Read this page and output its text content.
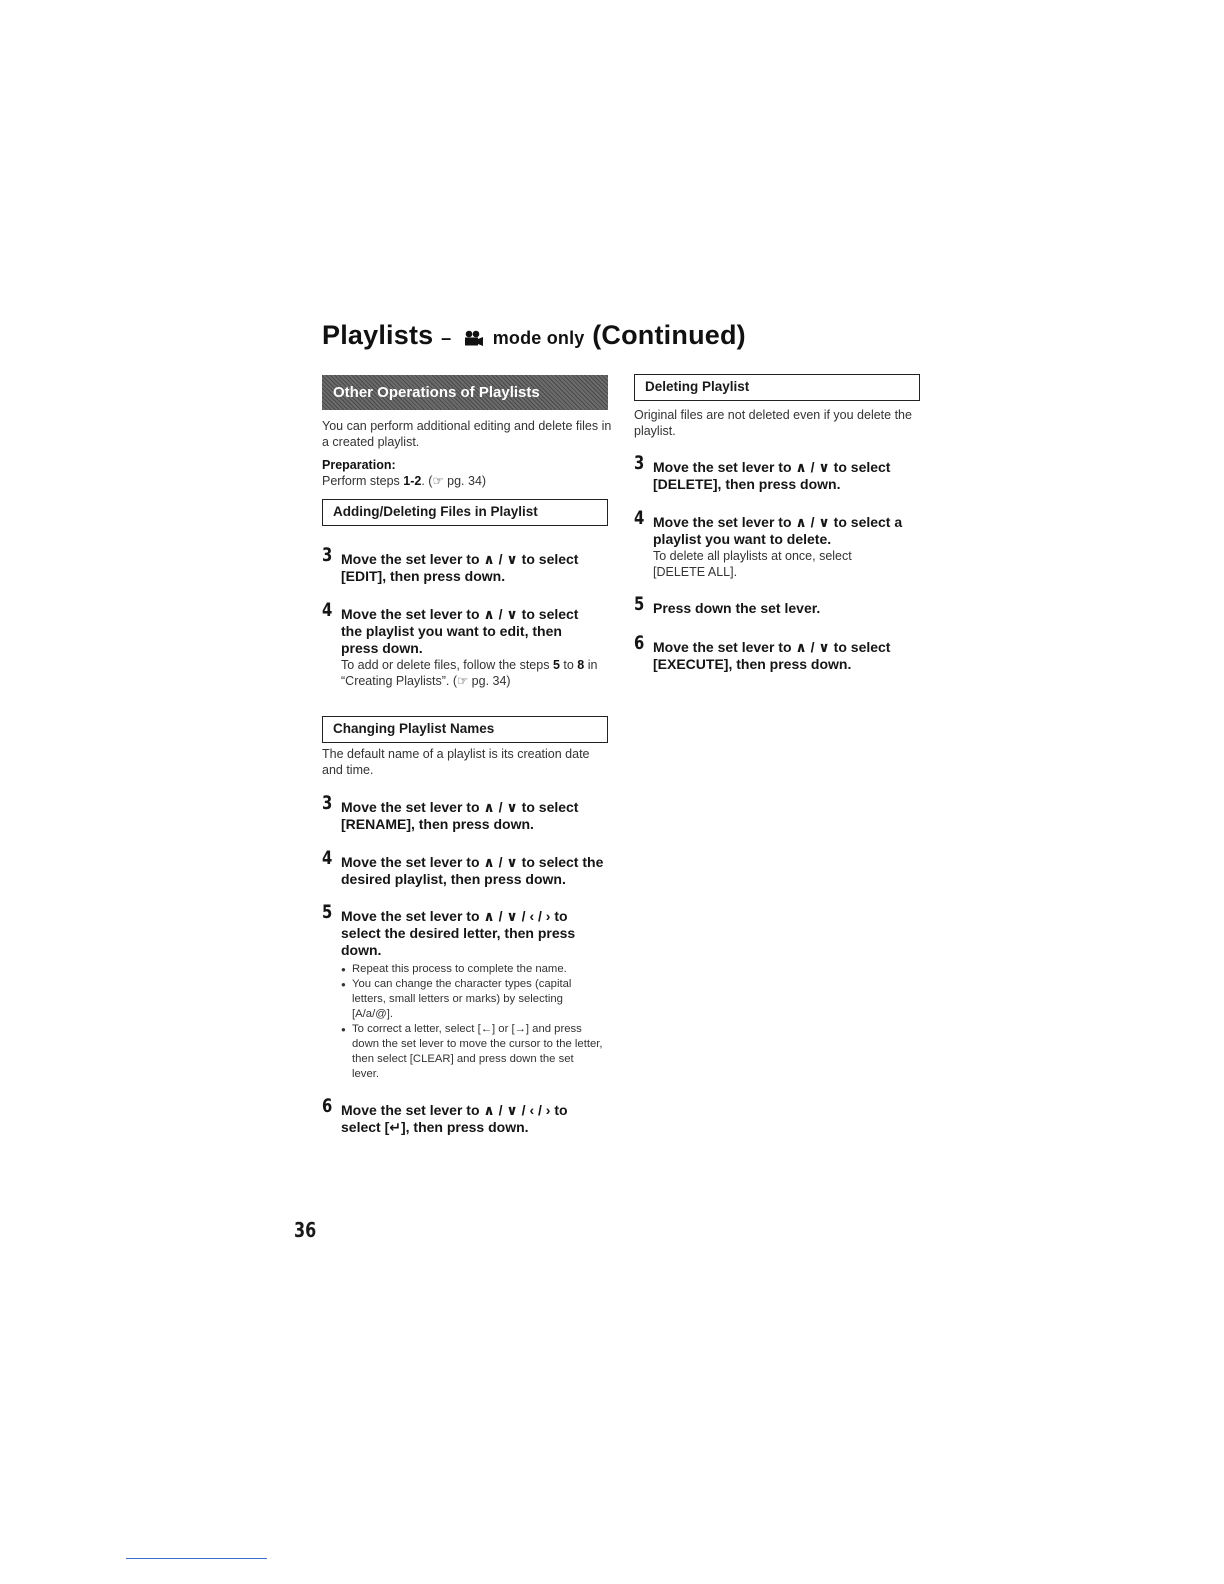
Playlists – mode only (Continued)
Other Operations of Playlists
You can perform additional editing and delete files in a created playlist.
Preparation:
Perform steps 1-2. (☞ pg. 34)
Adding/Deleting Files in Playlist
3 Move the set lever to ∧ / ∨ to select [EDIT], then press down.
4 Move the set lever to ∧ / ∨ to select the playlist you want to edit, then press down.
To add or delete files, follow the steps 5 to 8 in “Creating Playlists”. (☞ pg. 34)
Changing Playlist Names
The default name of a playlist is its creation date and time.
3 Move the set lever to ∧ / ∨ to select [RENAME], then press down.
4 Move the set lever to ∧ / ∨ to select the desired playlist, then press down.
5 Move the set lever to ∧ / ∨ / ‹ / › to select the desired letter, then press down.
● Repeat this process to complete the name.
● You can change the character types (capital letters, small letters or marks) by selecting [A/a/@].
● To correct a letter, select [←] or [→] and press down the set lever to move the cursor to the letter, then select [CLEAR] and press down the set lever.
6 Move the set lever to ∧ / ∨ / ‹ / › to select [↵], then press down.
Deleting Playlist
Original files are not deleted even if you delete the playlist.
3 Move the set lever to ∧ / ∨ to select [DELETE], then press down.
4 Move the set lever to ∧ / ∨ to select a playlist you want to delete.
To delete all playlists at once, select [DELETE ALL].
5 Press down the set lever.
6 Move the set lever to ∧ / ∨ to select [EXECUTE], then press down.
36
